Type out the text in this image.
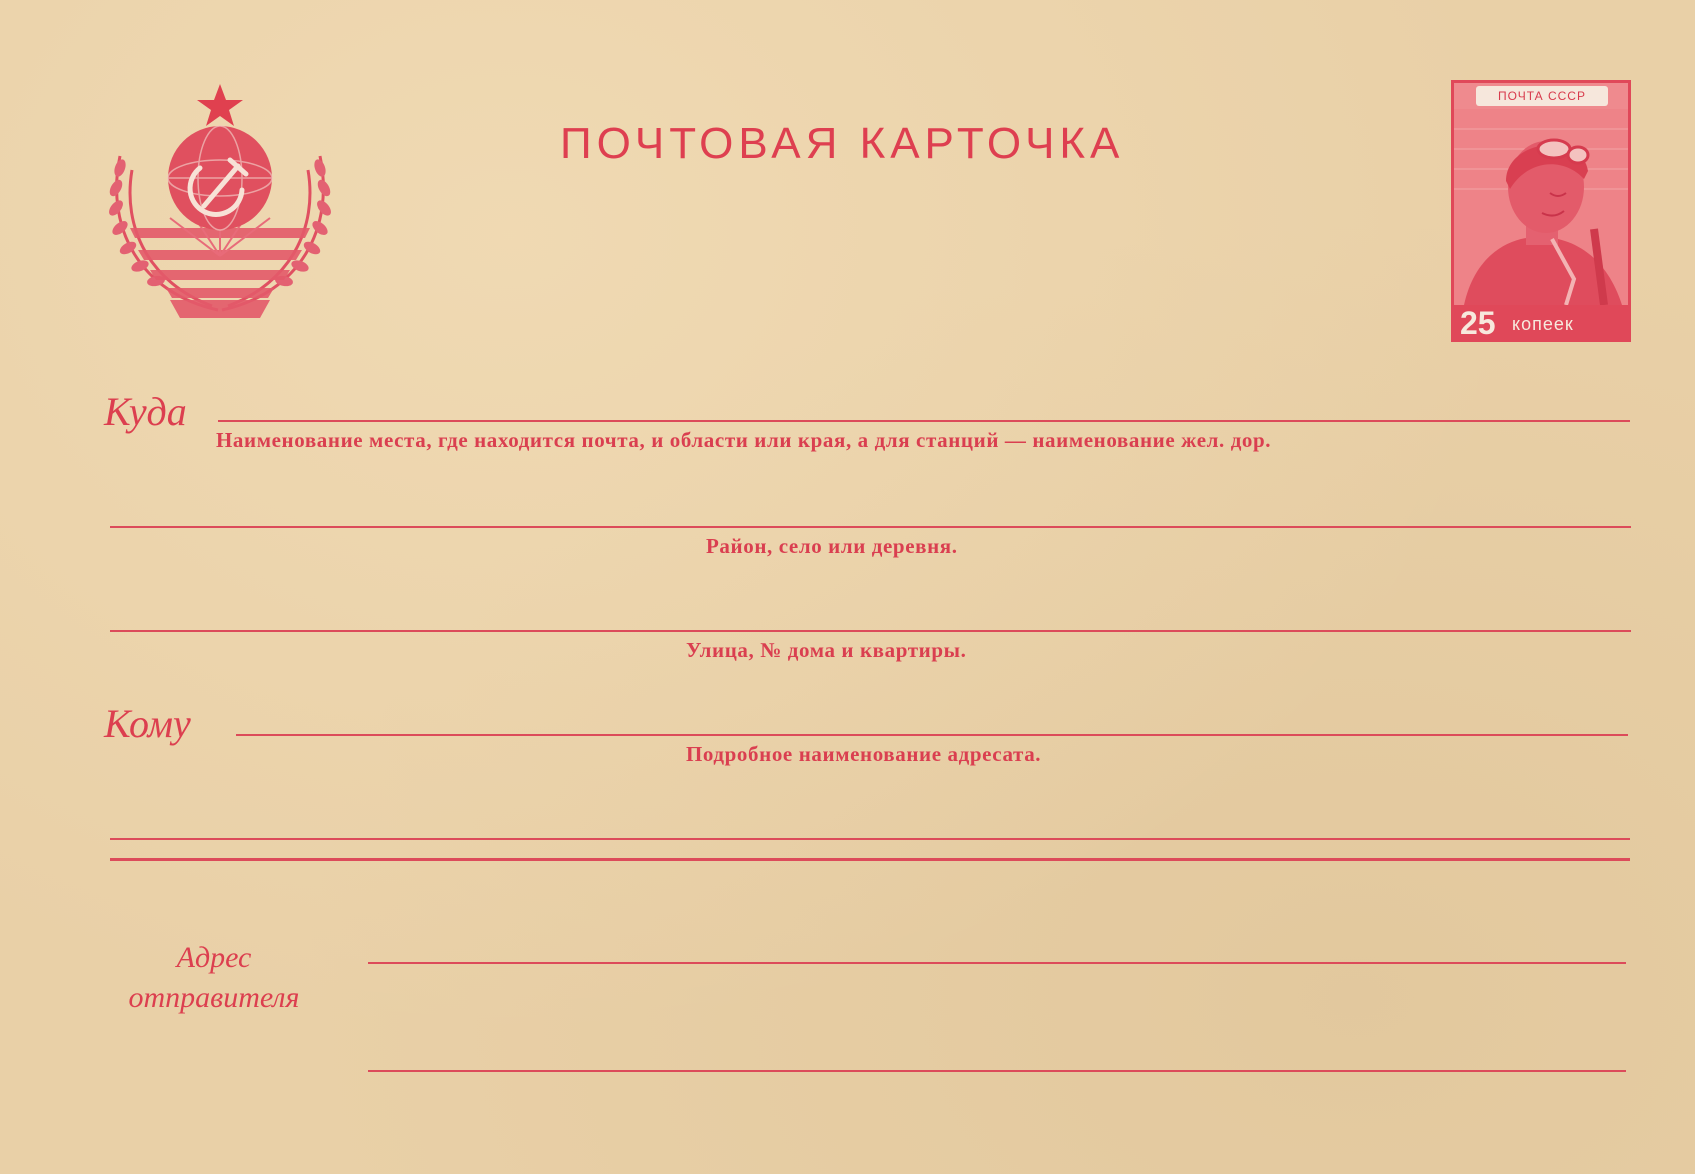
ПОЧТОВАЯ КАРТОЧКА
ПОЧТА СССР
25 копеек
Куда
Наименование места, где находится почта, и области или края, а для станций — наименование жел. дор.
Район, село или деревня.
Улица, № дома и квартиры.
Кому
Подробное наименование адресата.
Адрес
отправителя
